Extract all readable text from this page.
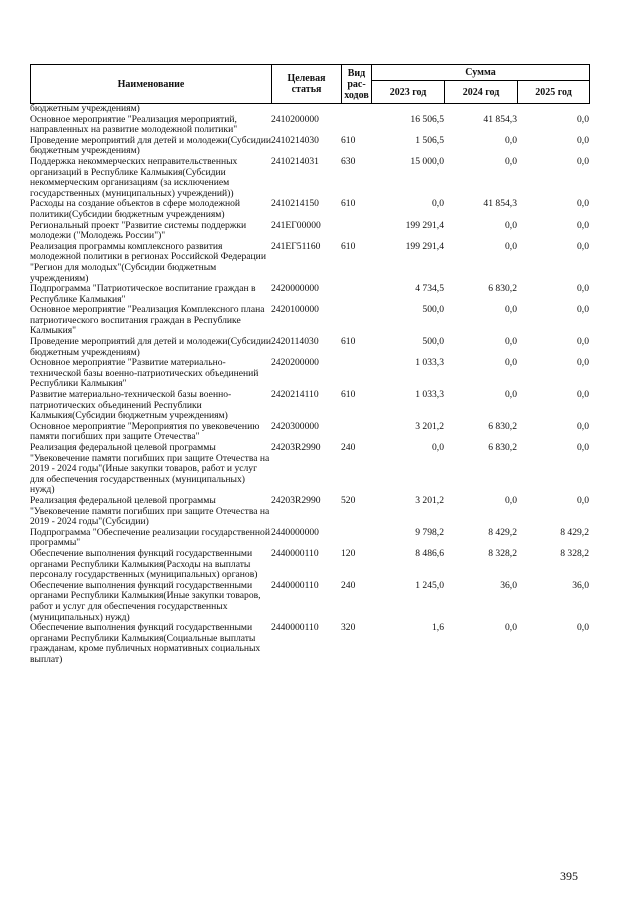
Наименование	Целевая статья	Вид рас-ходов	Сумма		
			2023 год	2024 год	2025 год
бюджетным учреждениям)					
Основное мероприятие "Реализация мероприятий, направленных на развитие молодежной политики"	2410200000		16 506,5	41 854,3	0,0
Проведение мероприятий для детей и молодежи(Субсидии бюджетным учреждениям)	2410214030	610	1 506,5	0,0	0,0
Поддержка некоммерческих неправительственных организаций в Республике Калмыкия(Субсидии некоммерческим организациям (за исключением государственных (муниципальных) учреждений))	2410214031	630	15 000,0	0,0	0,0
Расходы на создание объектов в сфере молодежной политики(Субсидии бюджетным учреждениям)	2410214150	610	0,0	41 854,3	0,0
Региональный проект "Развитие системы поддержки молодежи ("Молодежь России")"	241EГ00000		199 291,4	0,0	0,0
Реализация программы комплексного развития молодежной политики в регионах Российской Федерации "Регион для молодых"(Субсидии бюджетным учреждениям)	241EГ51160	610	199 291,4	0,0	0,0
Подпрограмма "Патриотическое воспитание граждан в Республике Калмыкия"	2420000000		4 734,5	6 830,2	0,0
Основное мероприятие "Реализация Комплексного плана патриотического воспитания граждан в Республике Калмыкия"	2420100000		500,0	0,0	0,0
Проведение мероприятий для детей и молодежи(Субсидии бюджетным учреждениям)	2420114030	610	500,0	0,0	0,0
Основное мероприятие "Развитие материально-технической базы военно-патриотических объединений Республики Калмыкия"	2420200000		1 033,3	0,0	0,0
Развитие материально-технической базы военно-патриотических объединений Республики Калмыкия(Субсидии бюджетным учреждениям)	2420214110	610	1 033,3	0,0	0,0
Основное мероприятие "Мероприятия по увековечению памяти погибших при защите Отечества"	2420300000		3 201,2	6 830,2	0,0
Реализация федеральной целевой программы "Увековечение памяти погибших при защите Отечества на 2019 - 2024 годы"(Иные закупки товаров, работ и услуг для обеспечения государственных (муниципальных) нужд)	24203R2990	240	0,0	6 830,2	0,0
Реализация федеральной целевой программы "Увековечение памяти погибших при защите Отечества на 2019 - 2024 годы"(Субсидии)	24203R2990	520	3 201,2	0,0	0,0
Подпрограмма "Обеспечение реализации государственной программы"	2440000000		9 798,2	8 429,2	8 429,2
Обеспечение выполнения функций государственными органами Республики Калмыкия(Расходы на выплаты персоналу государственных (муниципальных) органов)	2440000110	120	8 486,6	8 328,2	8 328,2
Обеспечение выполнения функций государственными органами Республики Калмыкия(Иные закупки товаров, работ и услуг для обеспечения государственных (муниципальных) нужд)	2440000110	240	1 245,0	36,0	36,0
Обеспечение выполнения функций государственными органами Республики Калмыкия(Социальные выплаты гражданам, кроме публичных нормативных социальных выплат)	2440000110	320	1,6	0,0	0,0
395
